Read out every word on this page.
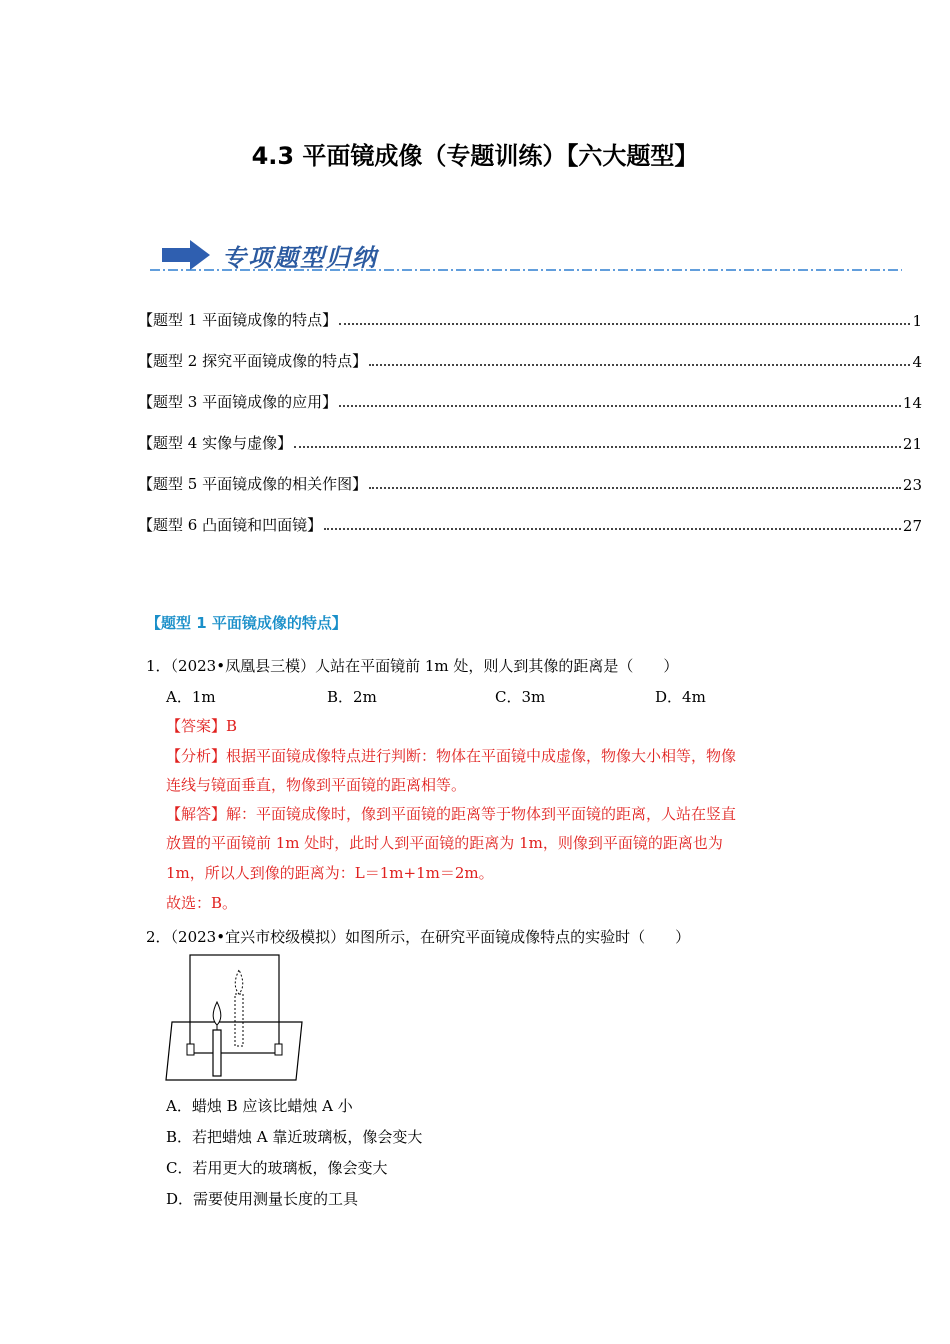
4.3 平面镜成像（专题训练）【六大题型】
专项题型归纳
【题型 1 平面镜成像的特点】	1
【题型 2 探究平面镜成像的特点】	4
【题型 3 平面镜成像的应用】	14
【题型 4 实像与虚像】	21
【题型 5 平面镜成像的相关作图】	23
【题型 6 凸面镜和凹面镜】	27
【题型 1 平面镜成像的特点】
1．（2023•凤凰县三模）人站在平面镜前 1m 处，则人到其像的距离是（　　）
A．1m	B．2m	C．3m	D．4m
【答案】B
【分析】根据平面镜成像特点进行判断：物体在平面镜中成虚像，物像大小相等，物像
连线与镜面垂直，物像到平面镜的距离相等。
【解答】解：平面镜成像时，像到平面镜的距离等于物体到平面镜的距离，人站在竖直
放置的平面镜前 1m 处时，此时人到平面镜的距离为 1m，则像到平面镜的距离也为
1m，所以人到像的距离为：L＝1m+1m＝2m。
故选：B。
2．（2023•宜兴市校级模拟）如图所示，在研究平面镜成像特点的实验时（　　）
A．蜡烛 B 应该比蜡烛 A 小
B．若把蜡烛 A 靠近玻璃板，像会变大
C．若用更大的玻璃板，像会变大
D．需要使用测量长度的工具
